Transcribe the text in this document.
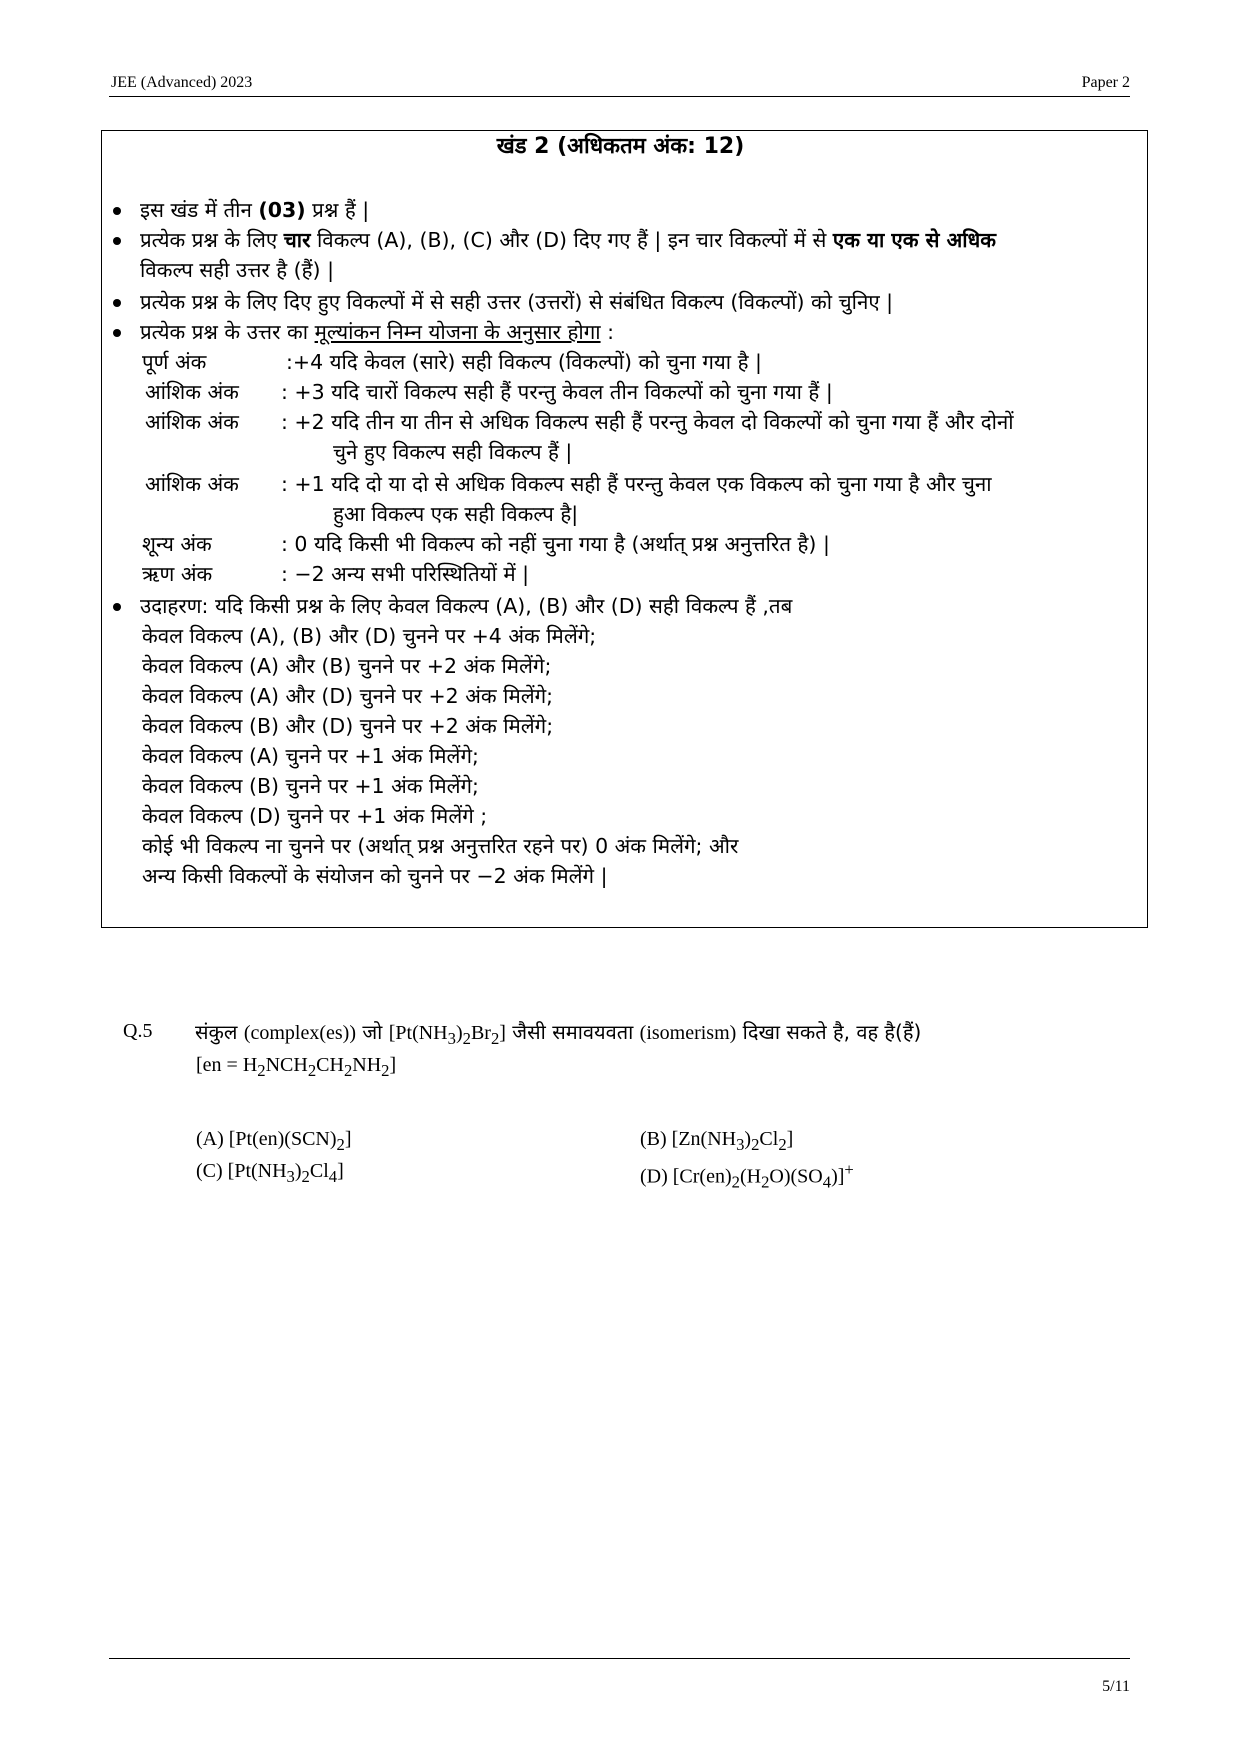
JEE (Advanced) 2023	Paper 2
खंड 2 (अधिकतम अंक: 12)
इस खंड में तीन (03) प्रश्न हैं |
प्रत्येक प्रश्न के लिए चार विकल्प (A), (B), (C) और (D) दिए गए हैं | इन चार विकल्पों में से एक या एक से अधिक
विकल्प सही उत्तर है (हैं) |
प्रत्येक प्रश्न के लिए दिए हुए विकल्पों में से सही उत्तर (उत्तरों) से संबंधित विकल्प (विकल्पों) को चुनिए |
प्रत्येक प्रश्न के उत्तर का मूल्यांकन निम्न योजना के अनुसार होगा :
पूर्ण अंक	:+4 यदि केवल (सारे) सही विकल्प (विकल्पों) को चुना गया है |
आंशिक अंक : +3 यदि चारों विकल्प सही हैं परन्तु केवल तीन विकल्पों को चुना गया हैं |
आंशिक अंक : +2 यदि तीन या तीन से अधिक विकल्प सही हैं परन्तु केवल दो विकल्पों को चुना गया हैं और दोनों
चुने हुए विकल्प सही विकल्प हैं |
आंशिक अंक : +1 यदि दो या दो से अधिक विकल्प सही हैं परन्तु केवल एक विकल्प को चुना गया है और चुना
हुआ विकल्प एक सही विकल्प है|
शून्य अंक	: 0 यदि किसी भी विकल्प को नहीं चुना गया है (अर्थात् प्रश्न अनुत्तरित है) |
ऋण अंक	: −2 अन्य सभी परिस्थितियों में |
उदाहरण: यदि किसी प्रश्न के लिए केवल विकल्प (A), (B) और (D) सही विकल्प हैं ,तब
केवल विकल्प (A), (B) और (D) चुनने पर +4 अंक मिलेंगे;
केवल विकल्प (A) और (B) चुनने पर +2 अंक मिलेंगे;
केवल विकल्प (A) और (D) चुनने पर +2 अंक मिलेंगे;
केवल विकल्प (B) और (D) चुनने पर +2 अंक मिलेंगे;
केवल विकल्प (A) चुनने पर +1 अंक मिलेंगे;
केवल विकल्प (B) चुनने पर +1 अंक मिलेंगे;
केवल विकल्प (D) चुनने पर +1 अंक मिलेंगे ;
कोई भी विकल्प ना चुनने पर (अर्थात् प्रश्न अनुत्तरित रहने पर) 0 अंक मिलेंगे; और
अन्य किसी विकल्पों के संयोजन को चुनने पर −2 अंक मिलेंगे |
Q.5 संकुल (complex(es)) जो $[Pt(NH_3)_2Br_2]$ जैसी समावयवता (isomerism) दिखा सकते है, वह है(हैं)
$[en = H_2NCH_2CH_2NH_2]$
(A) $[Pt(en)(SCN)_2]$	(B) $[Zn(NH_3)_2Cl_2]$
(C) $[Pt(NH_3)_2Cl_4]$	(D) $[Cr(en)_2(H_2O)(SO_4)]^+$
5/11
